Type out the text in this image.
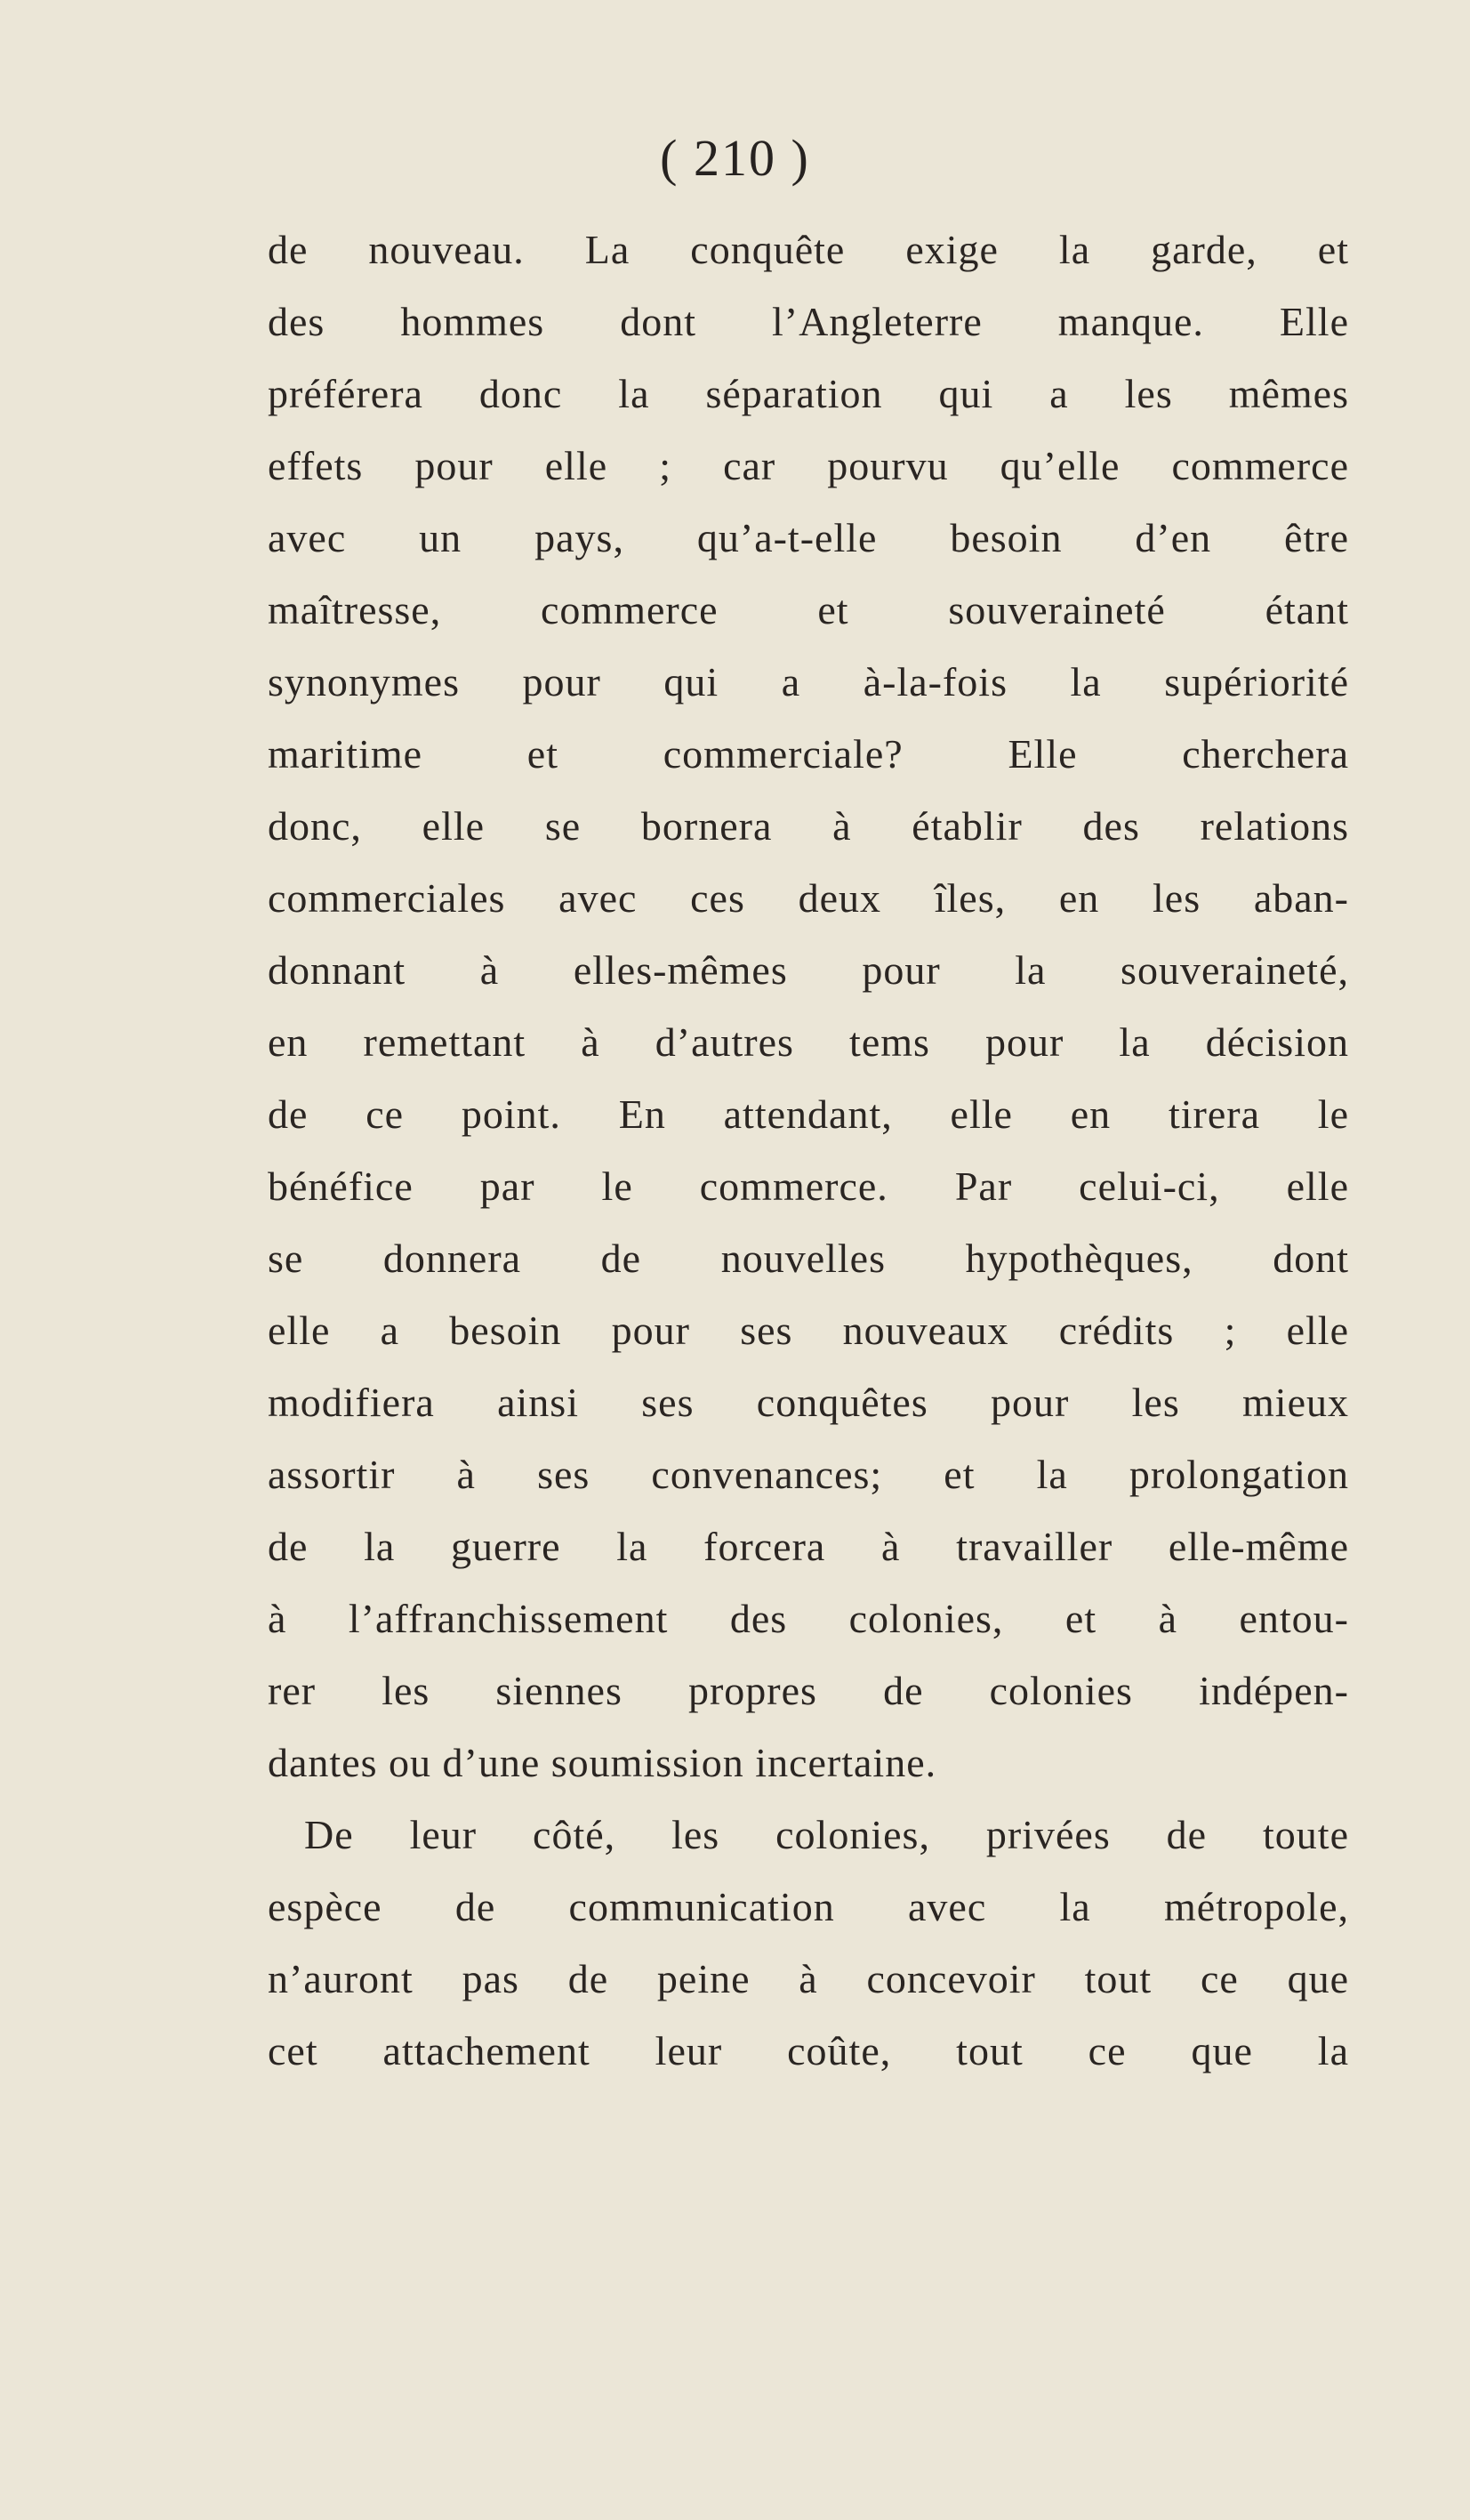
( 210 )
de nouveau. La conquête exige la garde, et
des hommes dont l’Angleterre manque. Elle
préférera donc la séparation qui a les mêmes
effets pour elle ; car pourvu qu’elle commerce
avec un pays, qu’a-t-elle besoin d’en être
maîtresse, commerce et souveraineté étant
synonymes pour qui a à-la-fois la supériorité
maritime et commerciale? Elle cherchera
donc, elle se bornera à établir des relations
commerciales avec ces deux îles, en les aban-
donnant à elles-mêmes pour la souveraineté,
en remettant à d’autres tems pour la décision
de ce point. En attendant, elle en tirera le
bénéfice par le commerce. Par celui-ci, elle
se donnera de nouvelles hypothèques, dont
elle a besoin pour ses nouveaux crédits ; elle
modifiera ainsi ses conquêtes pour les mieux
assortir à ses convenances; et la prolongation
de la guerre la forcera à travailler elle-même
à l’affranchissement des colonies, et à entou-
rer les siennes propres de colonies indépen-
dantes ou d’une soumission incertaine.
De leur côté, les colonies, privées de toute
espèce de communication avec la métropole,
n’auront pas de peine à concevoir tout ce que
cet attachement leur coûte, tout ce que la
